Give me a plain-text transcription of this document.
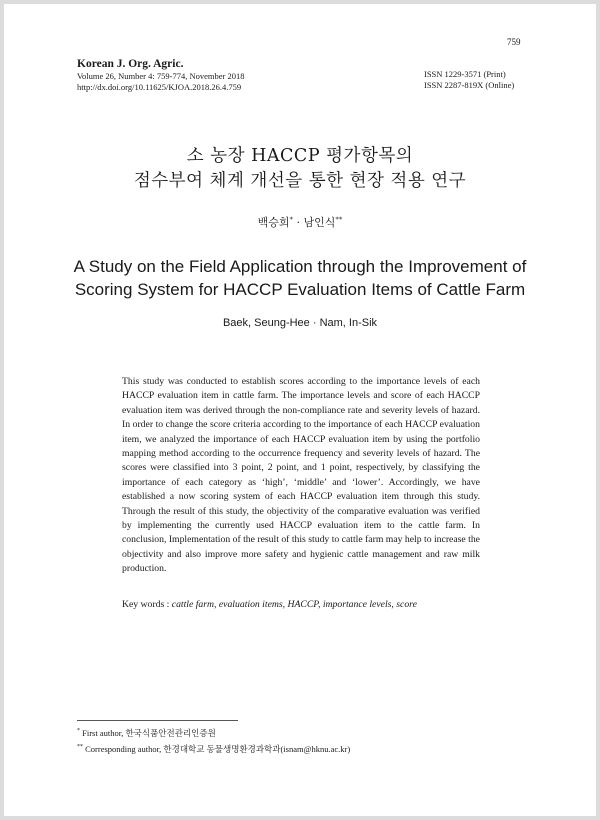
Korean J. Org. Agric.
Volume 26, Number 4: 759-774, November 2018
http://dx.doi.org/10.11625/KJOA.2018.26.4.759
759
ISSN 1229-3571 (Print)
ISSN 2287-819X (Online)
소 농장 HACCP 평가항목의
점수부여 체계 개선을 통한 현장 적용 연구
백승희* · 남인식**
A Study on the Field Application through the Improvement of
Scoring System for HACCP Evaluation Items of Cattle Farm
Baek, Seung-Hee · Nam, In-Sik

This study was conducted to establish scores according to the importance levels of each HACCP evaluation item in cattle farm. The importance levels and score of each HACCP evaluation item was derived through the non-compliance rate and severity levels of hazard. In order to change the score criteria according to the importance of each HACCP evaluation item, we analyzed the importance of each HACCP evaluation item by using the portfolio mapping method according to the occurrence frequency and severity levels of hazard. The scores were classified into 3 point, 2 point, and 1 point, respectively, by classifying the importance of each category as ‘high’, ‘middle’ and ‘lower’. Accordingly, we have established a now scoring system of each HACCP evaluation item through this study. Through the result of this study, the objectivity of the comparative evaluation was verified by implementing the currently used HACCP evaluation item to the cattle farm. In conclusion, Implementation of the result of this study to cattle farm may help to increase the objectivity and also improve more safety and hygienic cattle management and raw milk production.

Key words : cattle farm, evaluation items, HACCP, importance levels, score
* First author, 한국식품안전관리인증원
** Corresponding author, 한경대학교 동물생명환경과학과(isnam@hknu.ac.kr)
